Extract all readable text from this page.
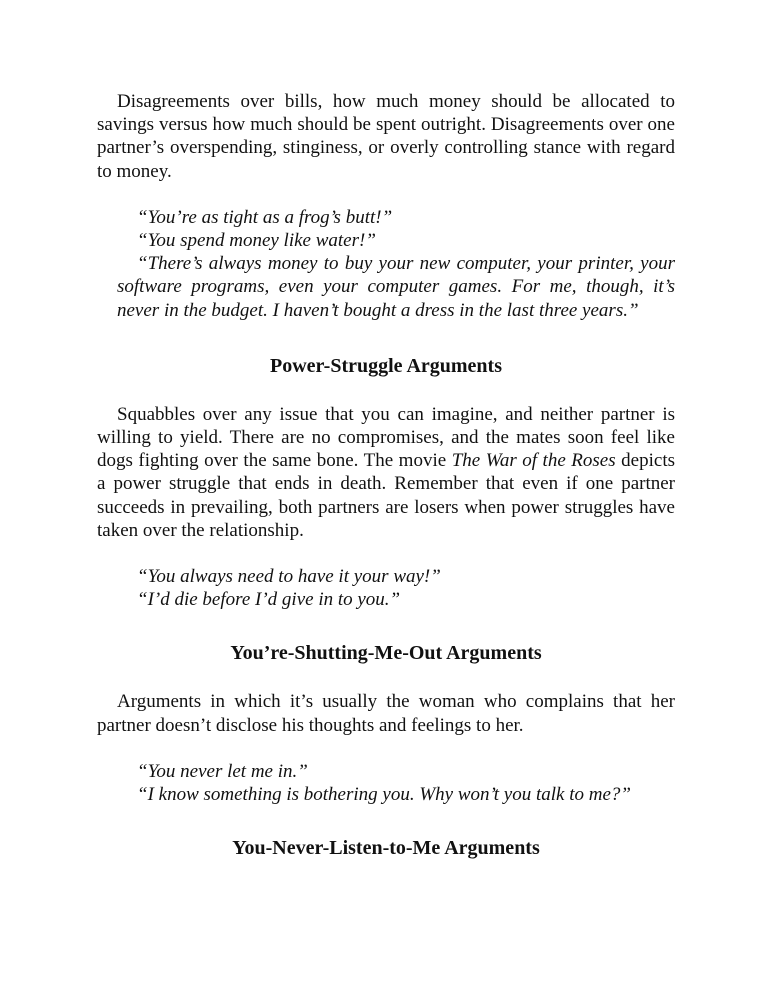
Disagreements over bills, how much money should be allocated to savings versus how much should be spent outright. Disagreements over one partner’s overspending, stinginess, or overly controlling stance with regard to money.

“You’re as tight as a frog’s butt!”

“You spend money like water!”

“There’s always money to buy your new computer, your printer, your software programs, even your computer games. For me, though, it’s never in the budget. I haven’t bought a dress in the last three years.”

Power-Struggle Arguments

Squabbles over any issue that you can imagine, and neither partner is willing to yield. There are no compromises, and the mates soon feel like dogs fighting over the same bone. The movie The War of the Roses depicts a power struggle that ends in death. Remember that even if one partner succeeds in prevailing, both partners are losers when power struggles have taken over the relationship.

“You always need to have it your way!”

“I’d die before I’d give in to you.”

You’re-Shutting-Me-Out Arguments

Arguments in which it’s usually the woman who complains that her partner doesn’t disclose his thoughts and feelings to her.

“You never let me in.”

“I know something is bothering you. Why won’t you talk to me?”

You-Never-Listen-to-Me Arguments
